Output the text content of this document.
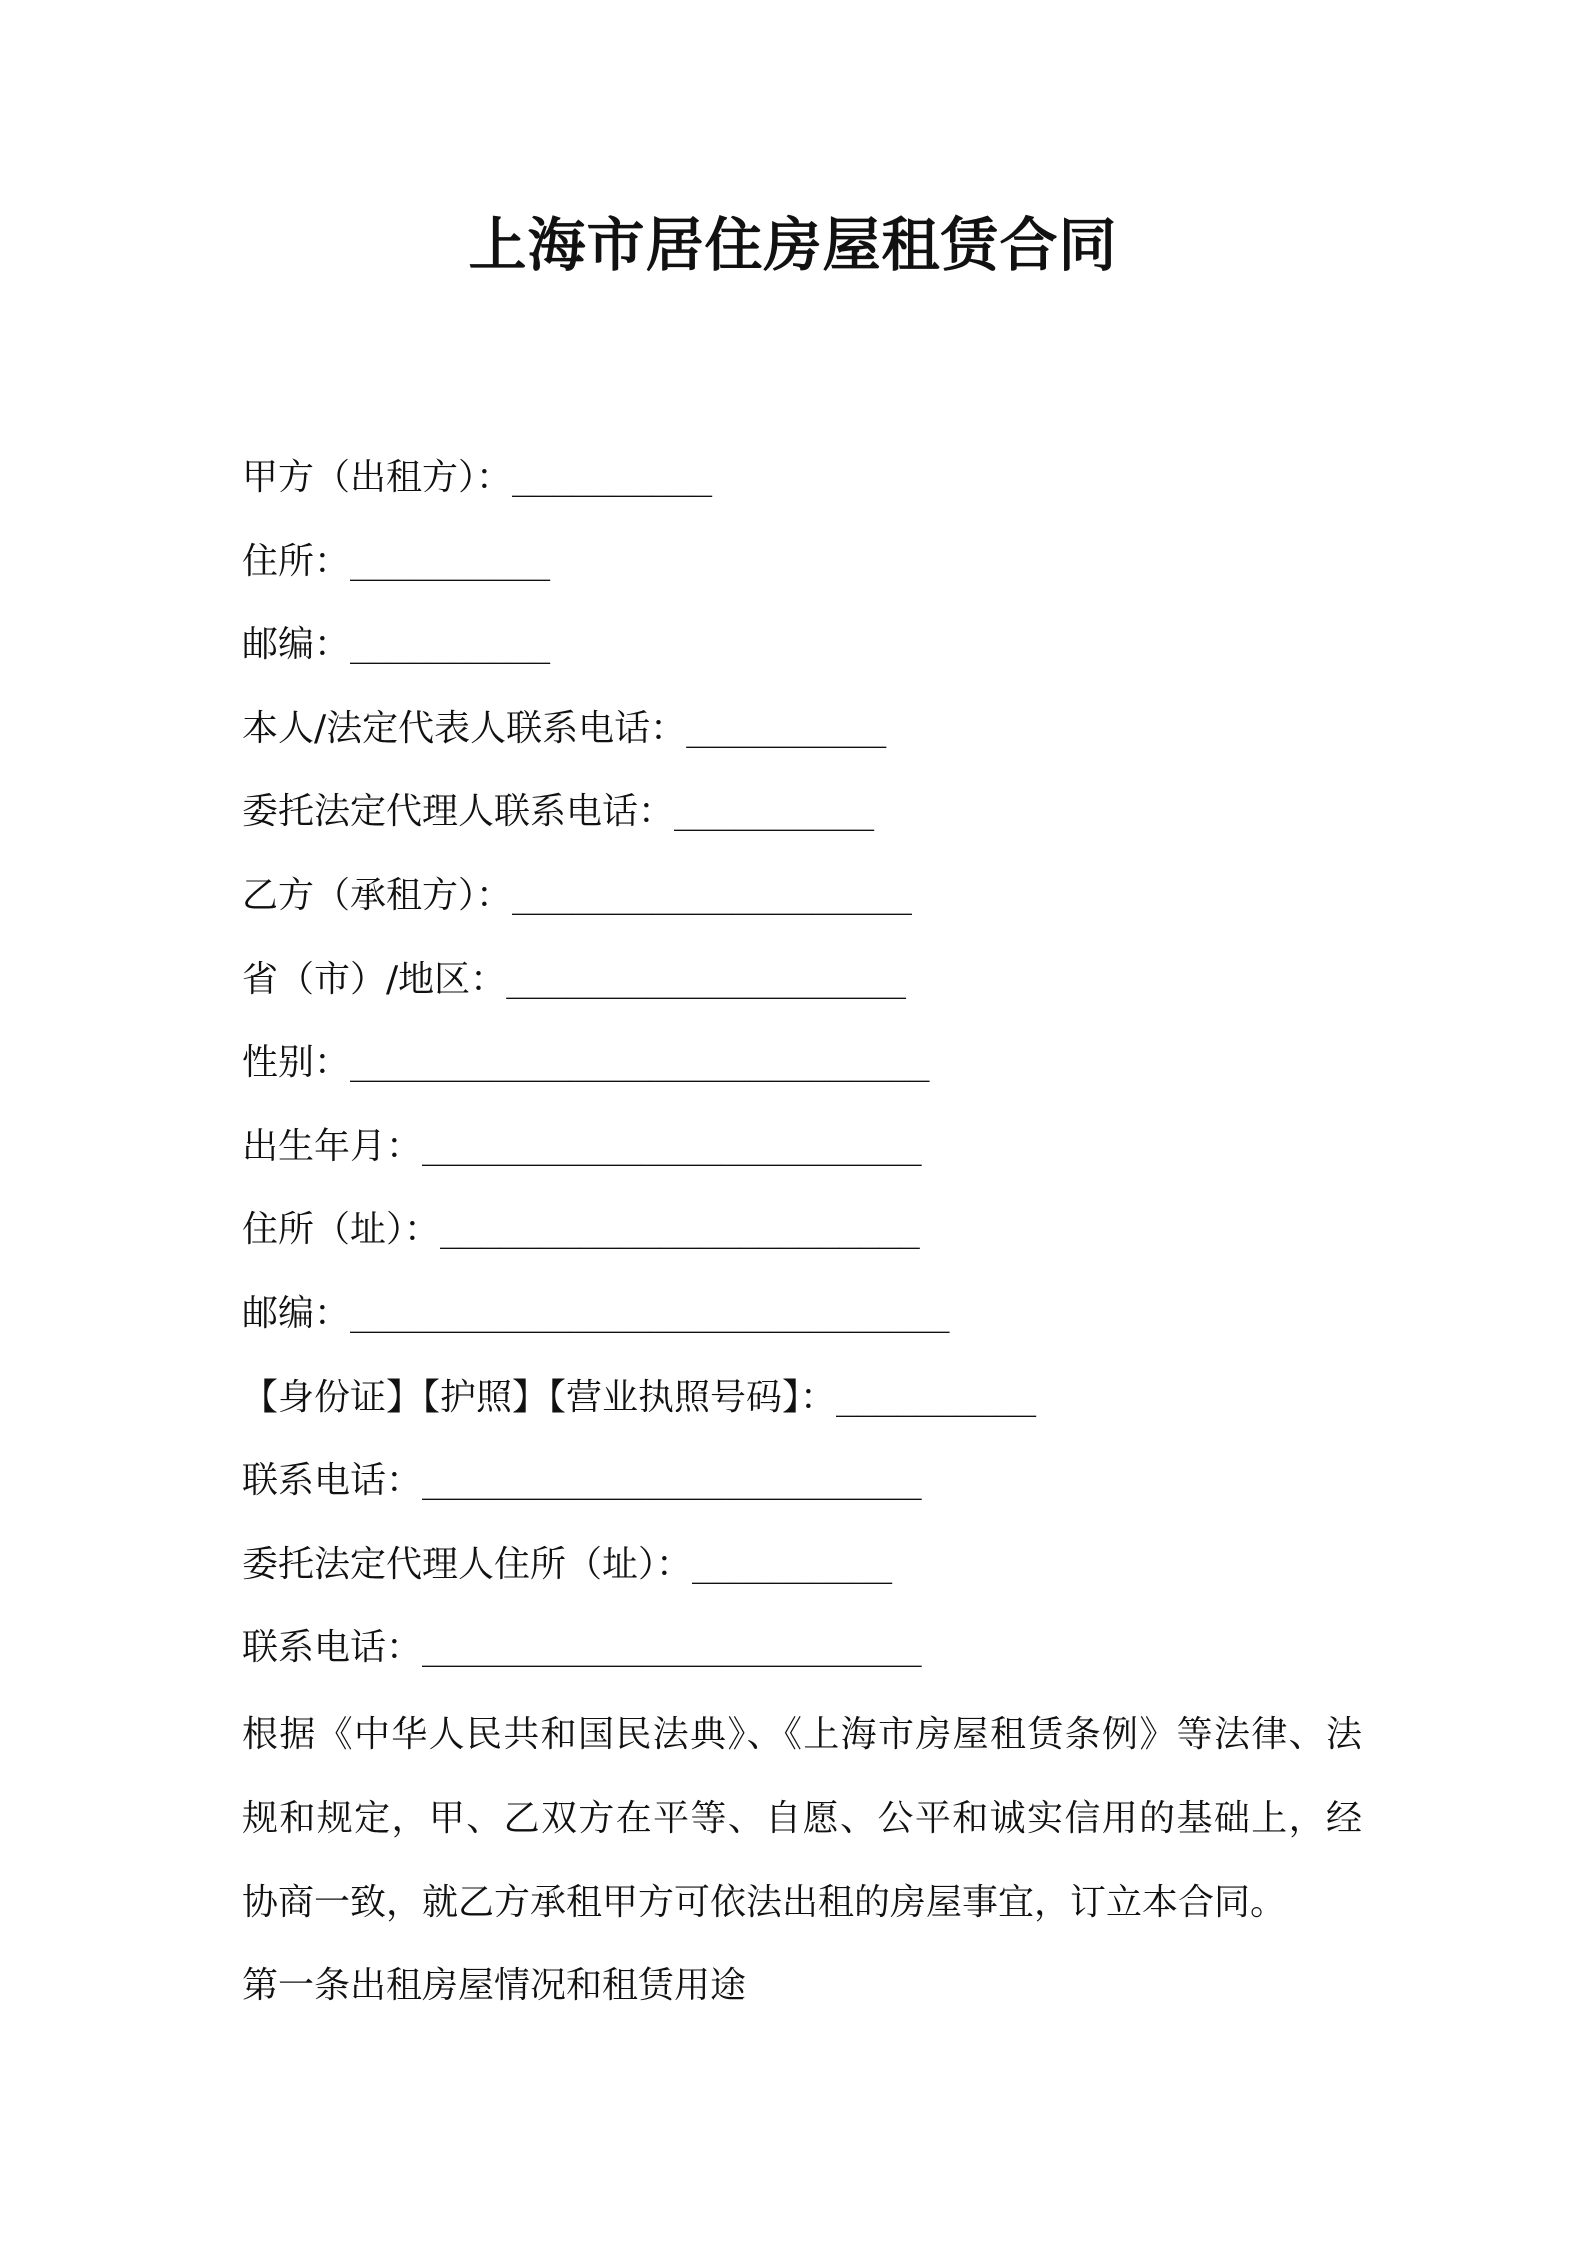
上海市居住房屋租赁合同
甲方（出租方）：__________
住所：__________
邮编：__________
本人/法定代表人联系电话：__________
委托法定代理人联系电话：__________
乙方（承租方）：____________________
省（市）/地区：____________________
性别：_____________________________
出生年月：_________________________
住所（址）：________________________
邮编：______________________________
【身份证】【护照】【营业执照号码】：__________
联系电话：_________________________
委托法定代理人住所（址）：__________
联系电话：_________________________

根据《中华人民共和国民法典》、《上海市房屋租赁条例》等法律、法
规和规定，甲、乙双方在平等、自愿、公平和诚实信用的基础上，经
协商一致，就乙方承租甲方可依法出租的房屋事宜，订立本合同。

第一条出租房屋情况和租赁用途
